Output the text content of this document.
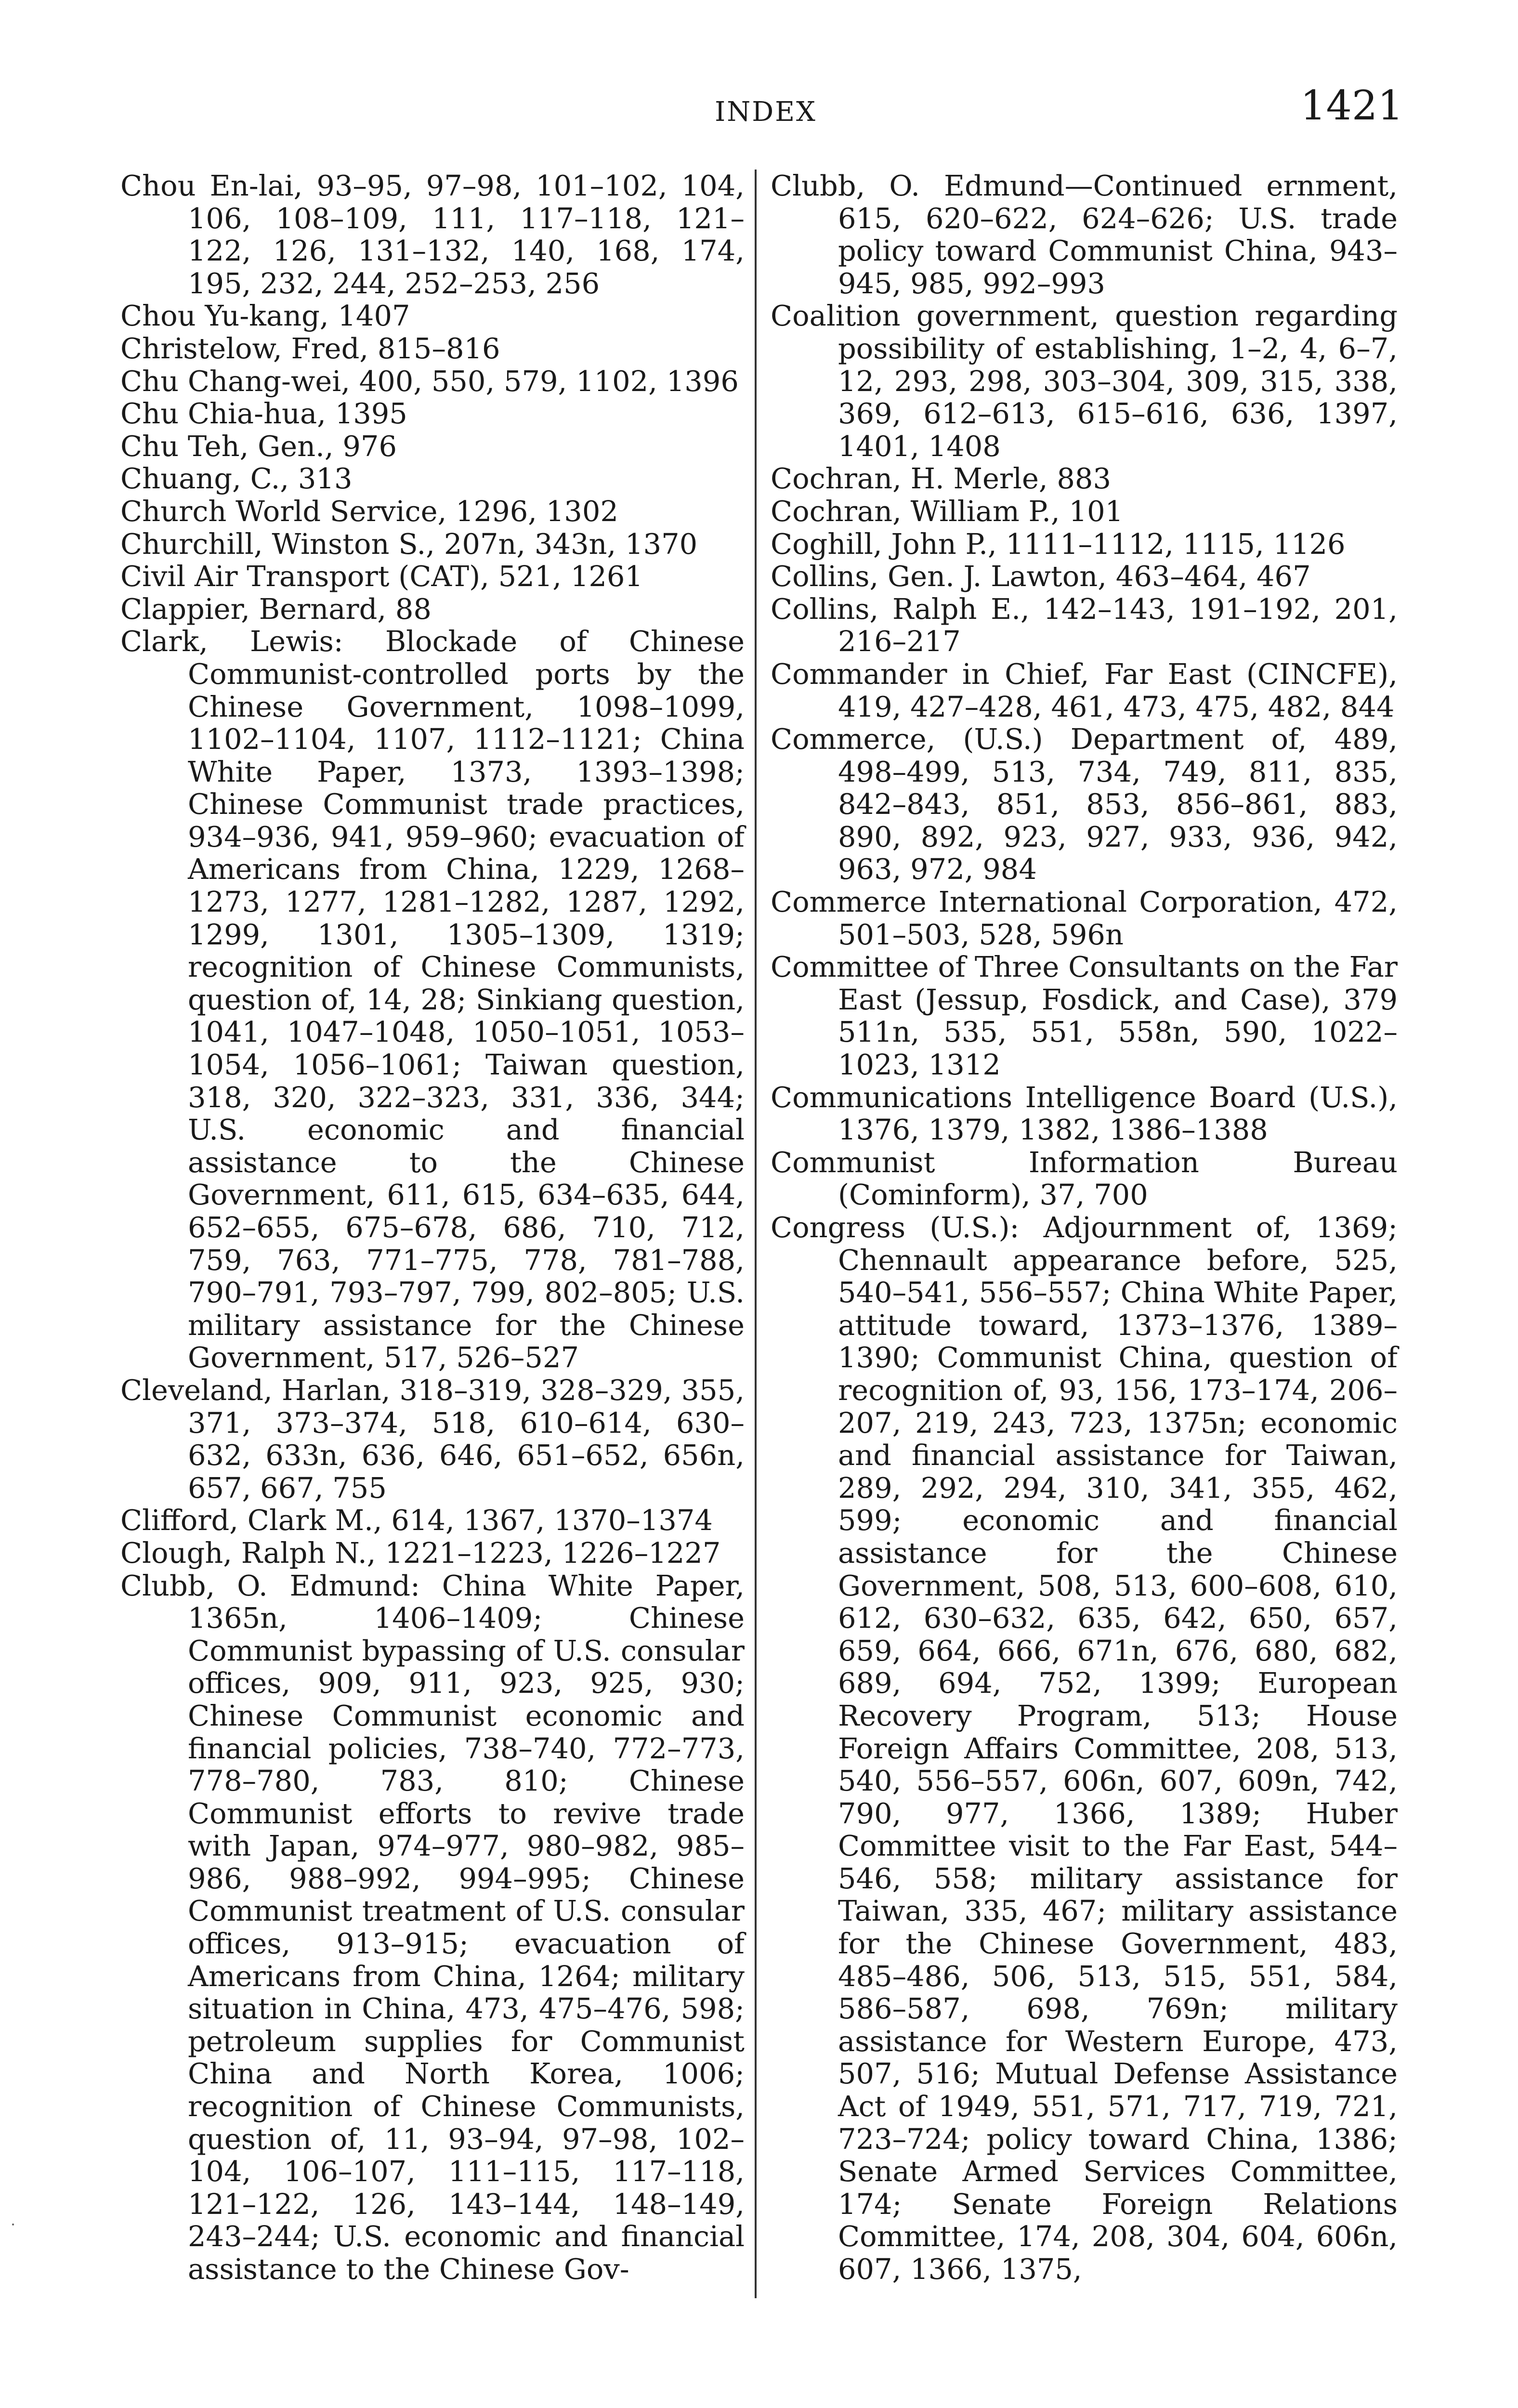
INDEX	1421

Chou En-lai, 93–95, 97–98, 101–102, 104, 106, 108–109, 111, 117–118, 121–122, 126, 131–132, 140, 168, 174, 195, 232, 244, 252–253, 256

Chou Yu-kang, 1407

Christelow, Fred, 815–816

Chu Chang-wei, 400, 550, 579, 1102, 1396

Chu Chia-hua, 1395

Chu Teh, Gen., 976

Chuang, C., 313

Church World Service, 1296, 1302

Churchill, Winston S., 207n, 343n, 1370

Civil Air Transport (CAT), 521, 1261

Clappier, Bernard, 88

Clark, Lewis: Blockade of Chinese Communist-controlled ports by the Chinese Government, 1098–1099, 1102–1104, 1107, 1112–1121; China White Paper, 1373, 1393–1398; Chinese Communist trade practices, 934–936, 941, 959–960; evacuation of Americans from China, 1229, 1268–1273, 1277, 1281–1282, 1287, 1292, 1299, 1301, 1305–1309, 1319; recognition of Chinese Communists, question of, 14, 28; Sinkiang question, 1041, 1047–1048, 1050–1051, 1053–1054, 1056–1061; Taiwan question, 318, 320, 322–323, 331, 336, 344; U.S. economic and financial assistance to the Chinese Government, 611, 615, 634–635, 644, 652–655, 675–678, 686, 710, 712, 759, 763, 771–775, 778, 781–788, 790–791, 793–797, 799, 802–805; U.S. military assistance for the Chinese Government, 517, 526–527

Cleveland, Harlan, 318–319, 328–329, 355, 371, 373–374, 518, 610–614, 630–632, 633n, 636, 646, 651–652, 656n, 657, 667, 755

Clifford, Clark M., 614, 1367, 1370–1374

Clough, Ralph N., 1221–1223, 1226–1227

Clubb, O. Edmund: China White Paper, 1365n, 1406–1409; Chinese Communist bypassing of U.S. consular offices, 909, 911, 923, 925, 930; Chinese Communist economic and financial policies, 738–740, 772–773, 778–780, 783, 810; Chinese Communist efforts to revive trade with Japan, 974–977, 980–982, 985–986, 988–992, 994–995; Chinese Communist treatment of U.S. consular offices, 913–915; evacuation of Americans from China, 1264; military situation in China, 473, 475–476, 598; petroleum supplies for Communist China and North Korea, 1006; recognition of Chinese Communists, question of, 11, 93–94, 97–98, 102–104, 106–107, 111–115, 117–118, 121–122, 126, 143–144, 148–149, 243–244; U.S. economic and financial assistance to the Chinese Gov-

Clubb, O. Edmund—Continued ernment, 615, 620–622, 624–626; U.S. trade policy toward Communist China, 943–945, 985, 992–993

Coalition government, question regarding possibility of establishing, 1–2, 4, 6–7, 12, 293, 298, 303–304, 309, 315, 338, 369, 612–613, 615–616, 636, 1397, 1401, 1408

Cochran, H. Merle, 883

Cochran, William P., 101

Coghill, John P., 1111–1112, 1115, 1126

Collins, Gen. J. Lawton, 463–464, 467

Collins, Ralph E., 142–143, 191–192, 201, 216–217

Commander in Chief, Far East (CINCFE), 419, 427–428, 461, 473, 475, 482, 844

Commerce, (U.S.) Department of, 489, 498–499, 513, 734, 749, 811, 835, 842–843, 851, 853, 856–861, 883, 890, 892, 923, 927, 933, 936, 942, 963, 972, 984

Commerce International Corporation, 472, 501–503, 528, 596n

Committee of Three Consultants on the Far East (Jessup, Fosdick, and Case), 379 511n, 535, 551, 558n, 590, 1022–1023, 1312

Communications Intelligence Board (U.S.), 1376, 1379, 1382, 1386–1388

Communist Information Bureau (Cominform), 37, 700

Congress (U.S.): Adjournment of, 1369; Chennault appearance before, 525, 540–541, 556–557; China White Paper, attitude toward, 1373–1376, 1389–1390; Communist China, question of recognition of, 93, 156, 173–174, 206–207, 219, 243, 723, 1375n; economic and financial assistance for Taiwan, 289, 292, 294, 310, 341, 355, 462, 599; economic and financial assistance for the Chinese Government, 508, 513, 600–608, 610, 612, 630–632, 635, 642, 650, 657, 659, 664, 666, 671n, 676, 680, 682, 689, 694, 752, 1399; European Recovery Program, 513; House Foreign Affairs Committee, 208, 513, 540, 556–557, 606n, 607, 609n, 742, 790, 977, 1366, 1389; Huber Committee visit to the Far East, 544–546, 558; military assistance for Taiwan, 335, 467; military assistance for the Chinese Government, 483, 485–486, 506, 513, 515, 551, 584, 586–587, 698, 769n; military assistance for Western Europe, 473, 507, 516; Mutual Defense Assistance Act of 1949, 551, 571, 717, 719, 721, 723–724; policy toward China, 1386; Senate Armed Services Committee, 174; Senate Foreign Relations Committee, 174, 208, 304, 604, 606n, 607, 1366, 1375,

·
